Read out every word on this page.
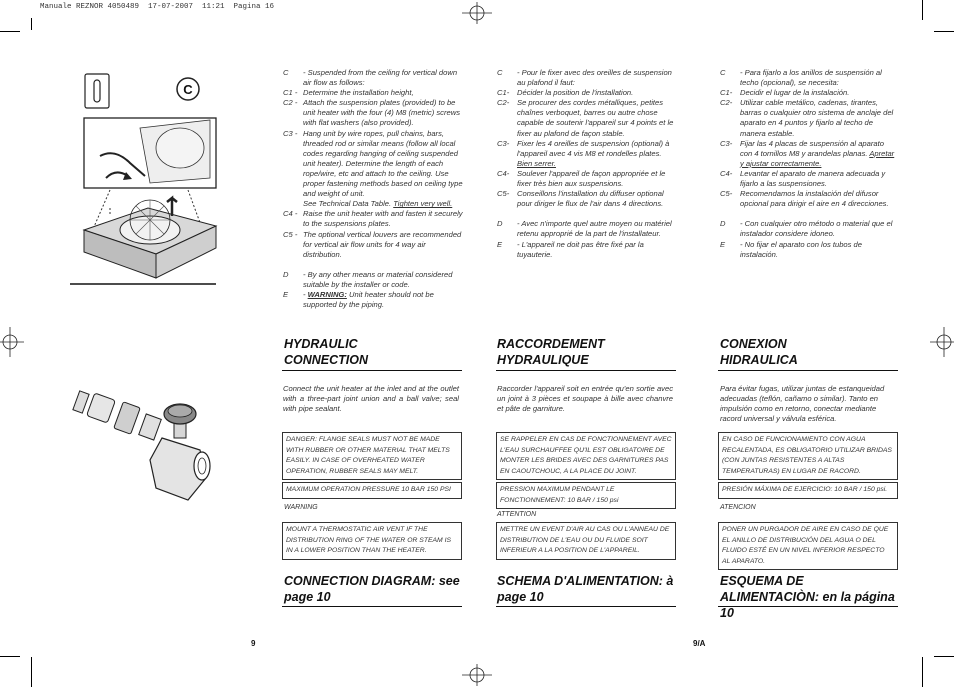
Manuale REZNOR 4050489  17-07-2007  11:21  Pagina 16
C
C	- Suspended from the ceiling for vertical down air flow as follows:
C1 - Determine the installation height,
C2 - Attach the suspension plates (provided) to be unit heater with the four (4) M8 (metric) screws with flat washers (also provided).
C3 - Hang unit by wire ropes, pull chains, bars, threaded rod or similar means (follow all local codes regarding hanging of ceiling suspended unit heater). Determine the length of each rope/wire, etc and attach to the ceiling. Use proper fastening methods based on ceiling type and weight of unit.
See Technical Data Table. Tighten very well.
C4 - Raise the unit heater with and fasten it securely to the suspensions plates.
C5 - The optional vertical louvers are recommended for vertical air flow units for 4 way air distribution.
D	- By any other means or material considered suitable by the installer or code.
E	- WARNING: Unit heater should not be supported by the piping.
C	- Pour le fixer avec des oreilles de suspension au plafond il faut:
C1-	Décider la position de l'installation.
C2-	Se procurer des cordes métalliques, petites chaînes verboquet, barres ou autre chose capable de soutenir l'appareil sur 4 points et le fixer au plafond de façon stable.
C3-	Fixer les 4 oreilles de suspension (optional) à l'appareil avec 4 vis M8 et rondelles plates. Bien serrer.
C4-	Soulever l'appareil de façon appropriée et le fixer très bien aux suspensions.
C5-	Conseillons l'installation du diffuser optional pour diriger le flux de l'air dans 4 directions.
D	- Avec n'importe quel autre moyen ou matériel retenu approprié de la part de l'installateur.
E	- L'appareil ne doit pas être fixé par la tuyauterie.
C	- Para fijarlo a los anillos de suspensión al techo (opcional), se necesita:
C1-	Decidir el lugar de la instalación.
C2-	Utilizar cable metálico, cadenas, tirantes, barras o cualquier otro sistema de anclaje del aparato en 4 puntos y fijarlo al techo de manera estable.
C3-	Fijar las 4 placas de suspensión al aparato con 4 tornillos M8 y arandelas planas. Apretar y ajustar correctamente.
C4-	Levantar el aparato de manera adecuada y fijarlo a las suspensiones.
C5-	Recomendamos la instalación del difusor opcional para dirigir el aire en 4 direcciones.
D	- Con cualquier otro método o material que el instalador considere idoneo.
E	- No fijar el aparato con los tubos de instalación.
HYDRAULIC CONNECTION
Connect the unit heater at the inlet and at the outlet with a three-part joint union and a ball valve; seal with pipe sealant.
DANGER: FLANGE SEALS MUST NOT BE MADE WITH RUBBER OR OTHER MATERIAL THAT MELTS EASILY. IN CASE OF OVERHEATED WATER OPERATION, RUBBER SEALS MAY MELT.
MAXIMUM OPERATION PRESSURE 10 BAR 150 PSI
WARNING
MOUNT A THERMOSTATIC AIR VENT IF THE DISTRIBUTION RING OF THE WATER OR STEAM IS IN A LOWER POSITION THAN THE HEATER.
CONNECTION DIAGRAM: see page 10
RACCORDEMENT HYDRAULIQUE
Raccorder l'appareil soit en entrée qu'en sortie avec un joint à 3 pièces et soupape à bille avec chanvre et pâte de garniture.
SE RAPPELER EN CAS DE FONCTIONNEMENT AVEC L'EAU SURCHAUFFEE QU'IL EST OBLIGATOIRE DE MONTER LES BRIDES AVEC DES GARNITURES PAS EN CAOUTCHOUC, A LA PLACE DU JOINT.
PRESSION MAXIMUM PENDANT LE FONCTIONNEMENT: 10 BAR / 150 psi
ATTENTION
METTRE UN EVENT D'AIR AU CAS OU L'ANNEAU DE DISTRIBUTION DE L'EAU OU DU FLUIDE SOIT INFERIEUR A LA POSITION DE L'APPAREIL.
SCHEMA D'ALIMENTATION: à page 10
CONEXION HIDRAULICA
Para évitar fugas, utilizar juntas de estanqueidad adecuadas (teflón, cañamo o similar). Tanto en impulsión como en retorno, conectar mediante racord universal y válvula esférica.
EN CASO DE FUNCIONAMIENTO CON AGUA RECALENTADA, ES OBLIGATORIO UTILIZAR BRIDAS (CON JUNTAS RESISTENTES A ALTAS TEMPERATURAS) EN LUGAR DE RACORD.
PRESIÓN MÁXIMA DE EJERCICIO: 10 BAR / 150 psi.
ATENCION
PONER UN PURGADOR DE AIRE EN CASO DE QUE EL ANILLO DE DISTRIBUCIÓN DEL AGUA O DEL FLUIDO ESTÉ EN UN NIVEL INFERIOR RESPECTO AL APARATO.
ESQUEMA DE ALIMENTACIÒN: en la página 10
9	9/A
